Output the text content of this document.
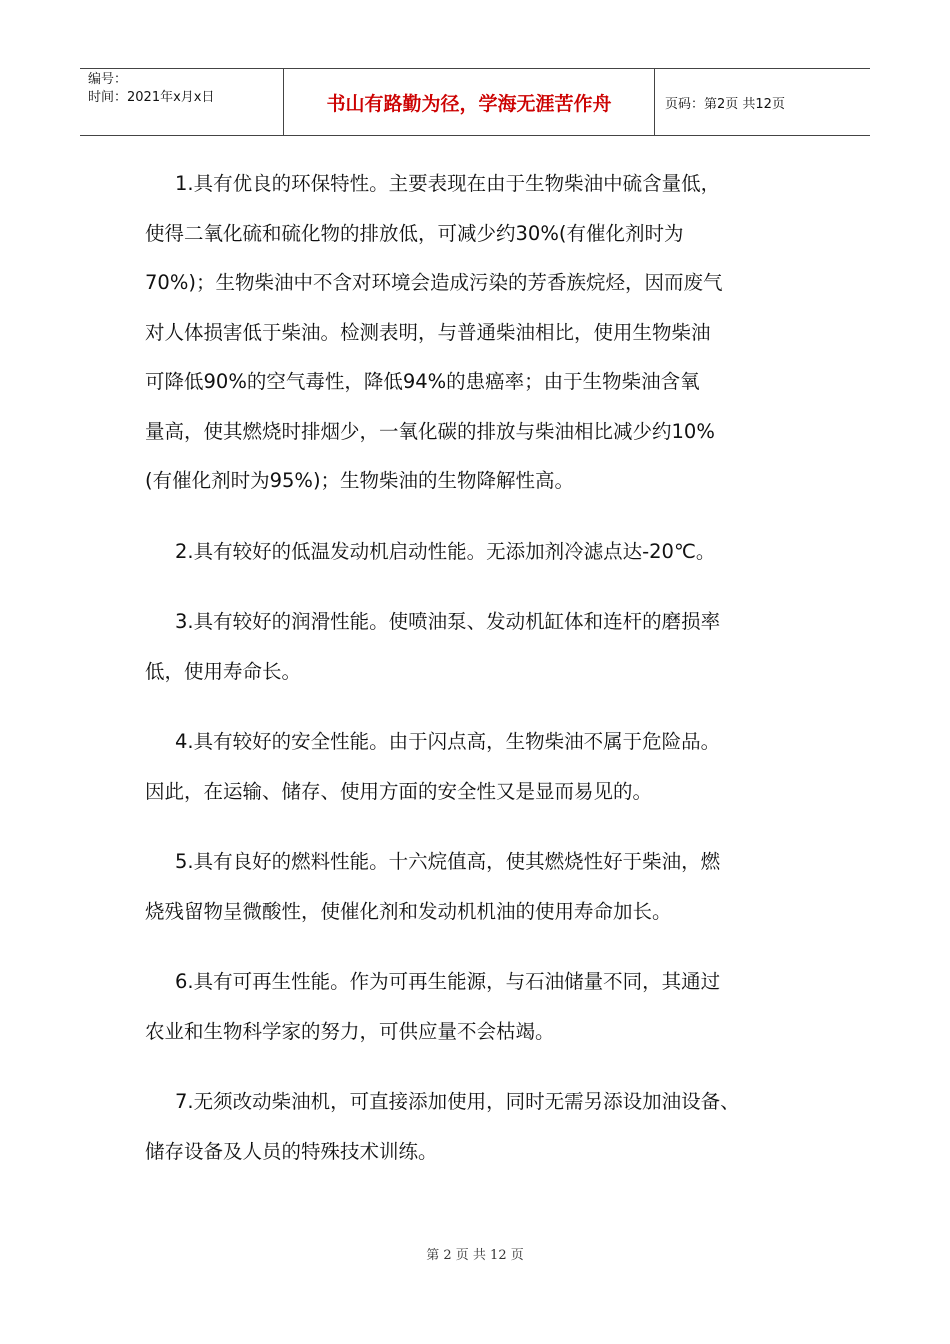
编号：
时间：2021年x月x日	书山有路勤为径，学海无涯苦作舟	页码：第2页 共12页
1.具有优良的环保特性。主要表现在由于生物柴油中硫含量低，
使得二氧化硫和硫化物的排放低，可减少约30%(有催化剂时为
70%)；生物柴油中不含对环境会造成污染的芳香族烷烃，因而废气
对人体损害低于柴油。检测表明，与普通柴油相比，使用生物柴油
可降低90%的空气毒性，降低94%的患癌率；由于生物柴油含氧
量高，使其燃烧时排烟少，一氧化碳的排放与柴油相比减少约10%
(有催化剂时为95%)；生物柴油的生物降解性高。
2.具有较好的低温发动机启动性能。无添加剂冷滤点达-20℃。
3.具有较好的润滑性能。使喷油泵、发动机缸体和连杆的磨损率
低，使用寿命长。
4.具有较好的安全性能。由于闪点高，生物柴油不属于危险品。
因此，在运输、储存、使用方面的安全性又是显而易见的。
5.具有良好的燃料性能。十六烷值高，使其燃烧性好于柴油，燃
烧残留物呈微酸性，使催化剂和发动机机油的使用寿命加长。
6.具有可再生性能。作为可再生能源，与石油储量不同，其通过
农业和生物科学家的努力，可供应量不会枯竭。
7.无须改动柴油机，可直接添加使用，同时无需另添设加油设备、
储存设备及人员的特殊技术训练。
第 2 页 共 12 页
